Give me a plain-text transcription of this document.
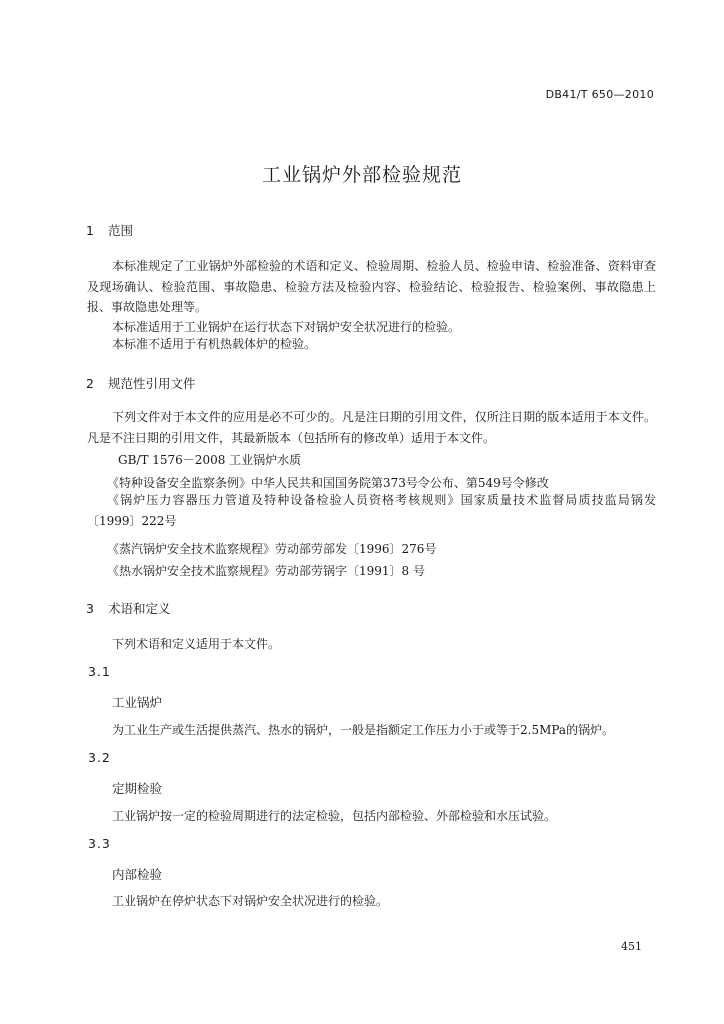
DB41/T 650—2010
工业锅炉外部检验规范
1 范围
本标准规定了工业锅炉外部检验的术语和定义、检验周期、检验人员、检验申请、检验准备、资料审查及现场确认、检验范围、事故隐患、检验方法及检验内容、检验结论、检验报告、检验案例、事故隐患上报、事故隐患处理等。
本标准适用于工业锅炉在运行状态下对锅炉安全状况进行的检验。
本标准不适用于有机热载体炉的检验。
2 规范性引用文件
下列文件对于本文件的应用是必不可少的。凡是注日期的引用文件，仅所注日期的版本适用于本文件。凡是不注日期的引用文件，其最新版本（包括所有的修改单）适用于本文件。
GB/T 1576－2008 工业锅炉水质
《特种设备安全监察条例》中华人民共和国国务院第373号令公布、第549号令修改
《锅炉压力容器压力管道及特种设备检验人员资格考核规则》国家质量技术监督局质技监局锅发〔1999〕222号
《蒸汽锅炉安全技术监察规程》劳动部劳部发〔1996〕276号
《热水锅炉安全技术监察规程》劳动部劳锅字〔1991〕8 号
3 术语和定义
下列术语和定义适用于本文件。
3.1
工业锅炉
为工业生产或生活提供蒸汽、热水的锅炉，一般是指额定工作压力小于或等于2.5MPa的锅炉。
3.2
定期检验
工业锅炉按一定的检验周期进行的法定检验，包括内部检验、外部检验和水压试验。
3.3
内部检验
工业锅炉在停炉状态下对锅炉安全状况进行的检验。
451
